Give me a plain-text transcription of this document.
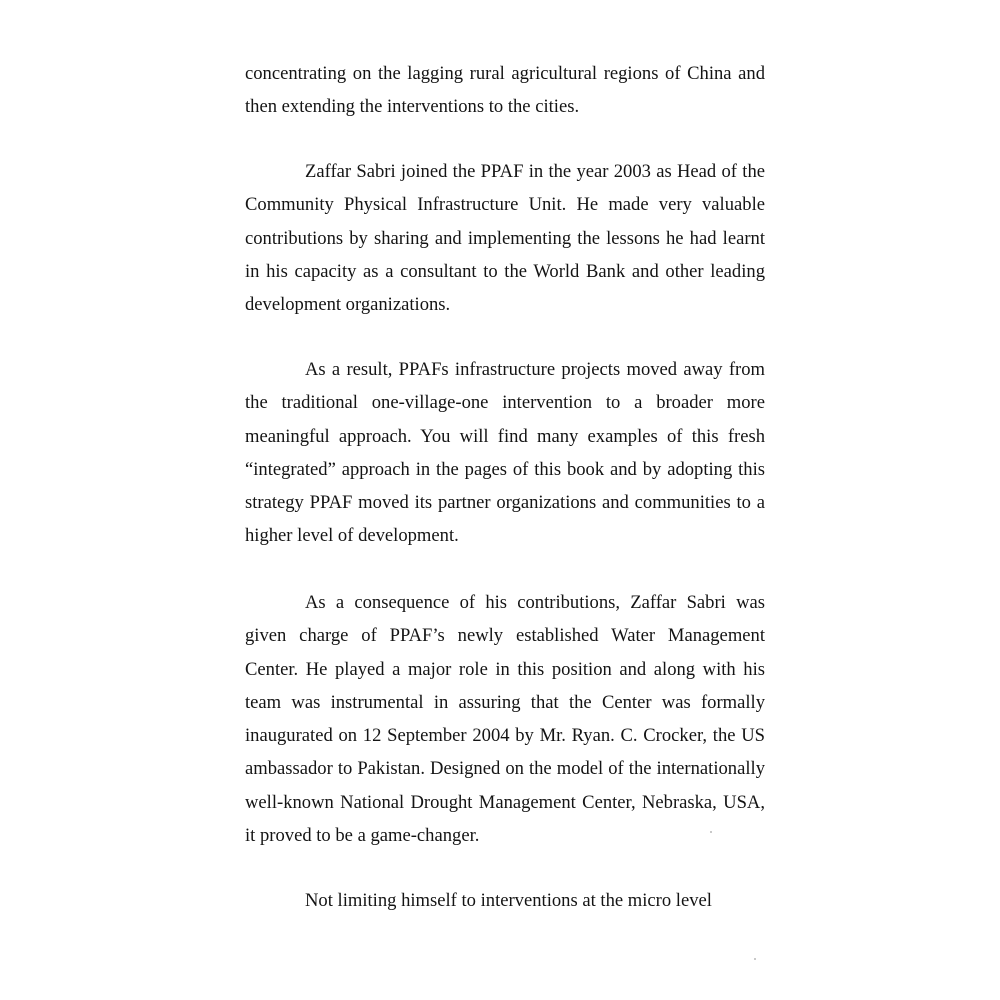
concentrating on the lagging rural agricultural regions of China and then extending the interventions to the cities.

Zaffar Sabri joined the PPAF in the year 2003 as Head of the Community Physical Infrastructure Unit. He made very valuable contributions by sharing and implementing the lessons he had learnt in his capacity as a consultant to the World Bank and other leading development organizations.

As a result, PPAFs infrastructure projects moved away from the traditional one-village-one intervention to a broader more meaningful approach. You will find many examples of this fresh “integrated” approach in the pages of this book and by adopting this strategy PPAF moved its partner organizations and communities to a higher level of development.

As a consequence of his contributions, Zaffar Sabri was given charge of PPAF’s newly established Water Management Center. He played a major role in this position and along with his team was instrumental in assuring that the Center was formally inaugurated on 12 September 2004 by Mr. Ryan. C. Crocker, the US ambassador to Pakistan. Designed on the model of the internationally well-known National Drought Management Center, Nebraska, USA, it proved to be a game-changer.

Not limiting himself to interventions at the micro level
